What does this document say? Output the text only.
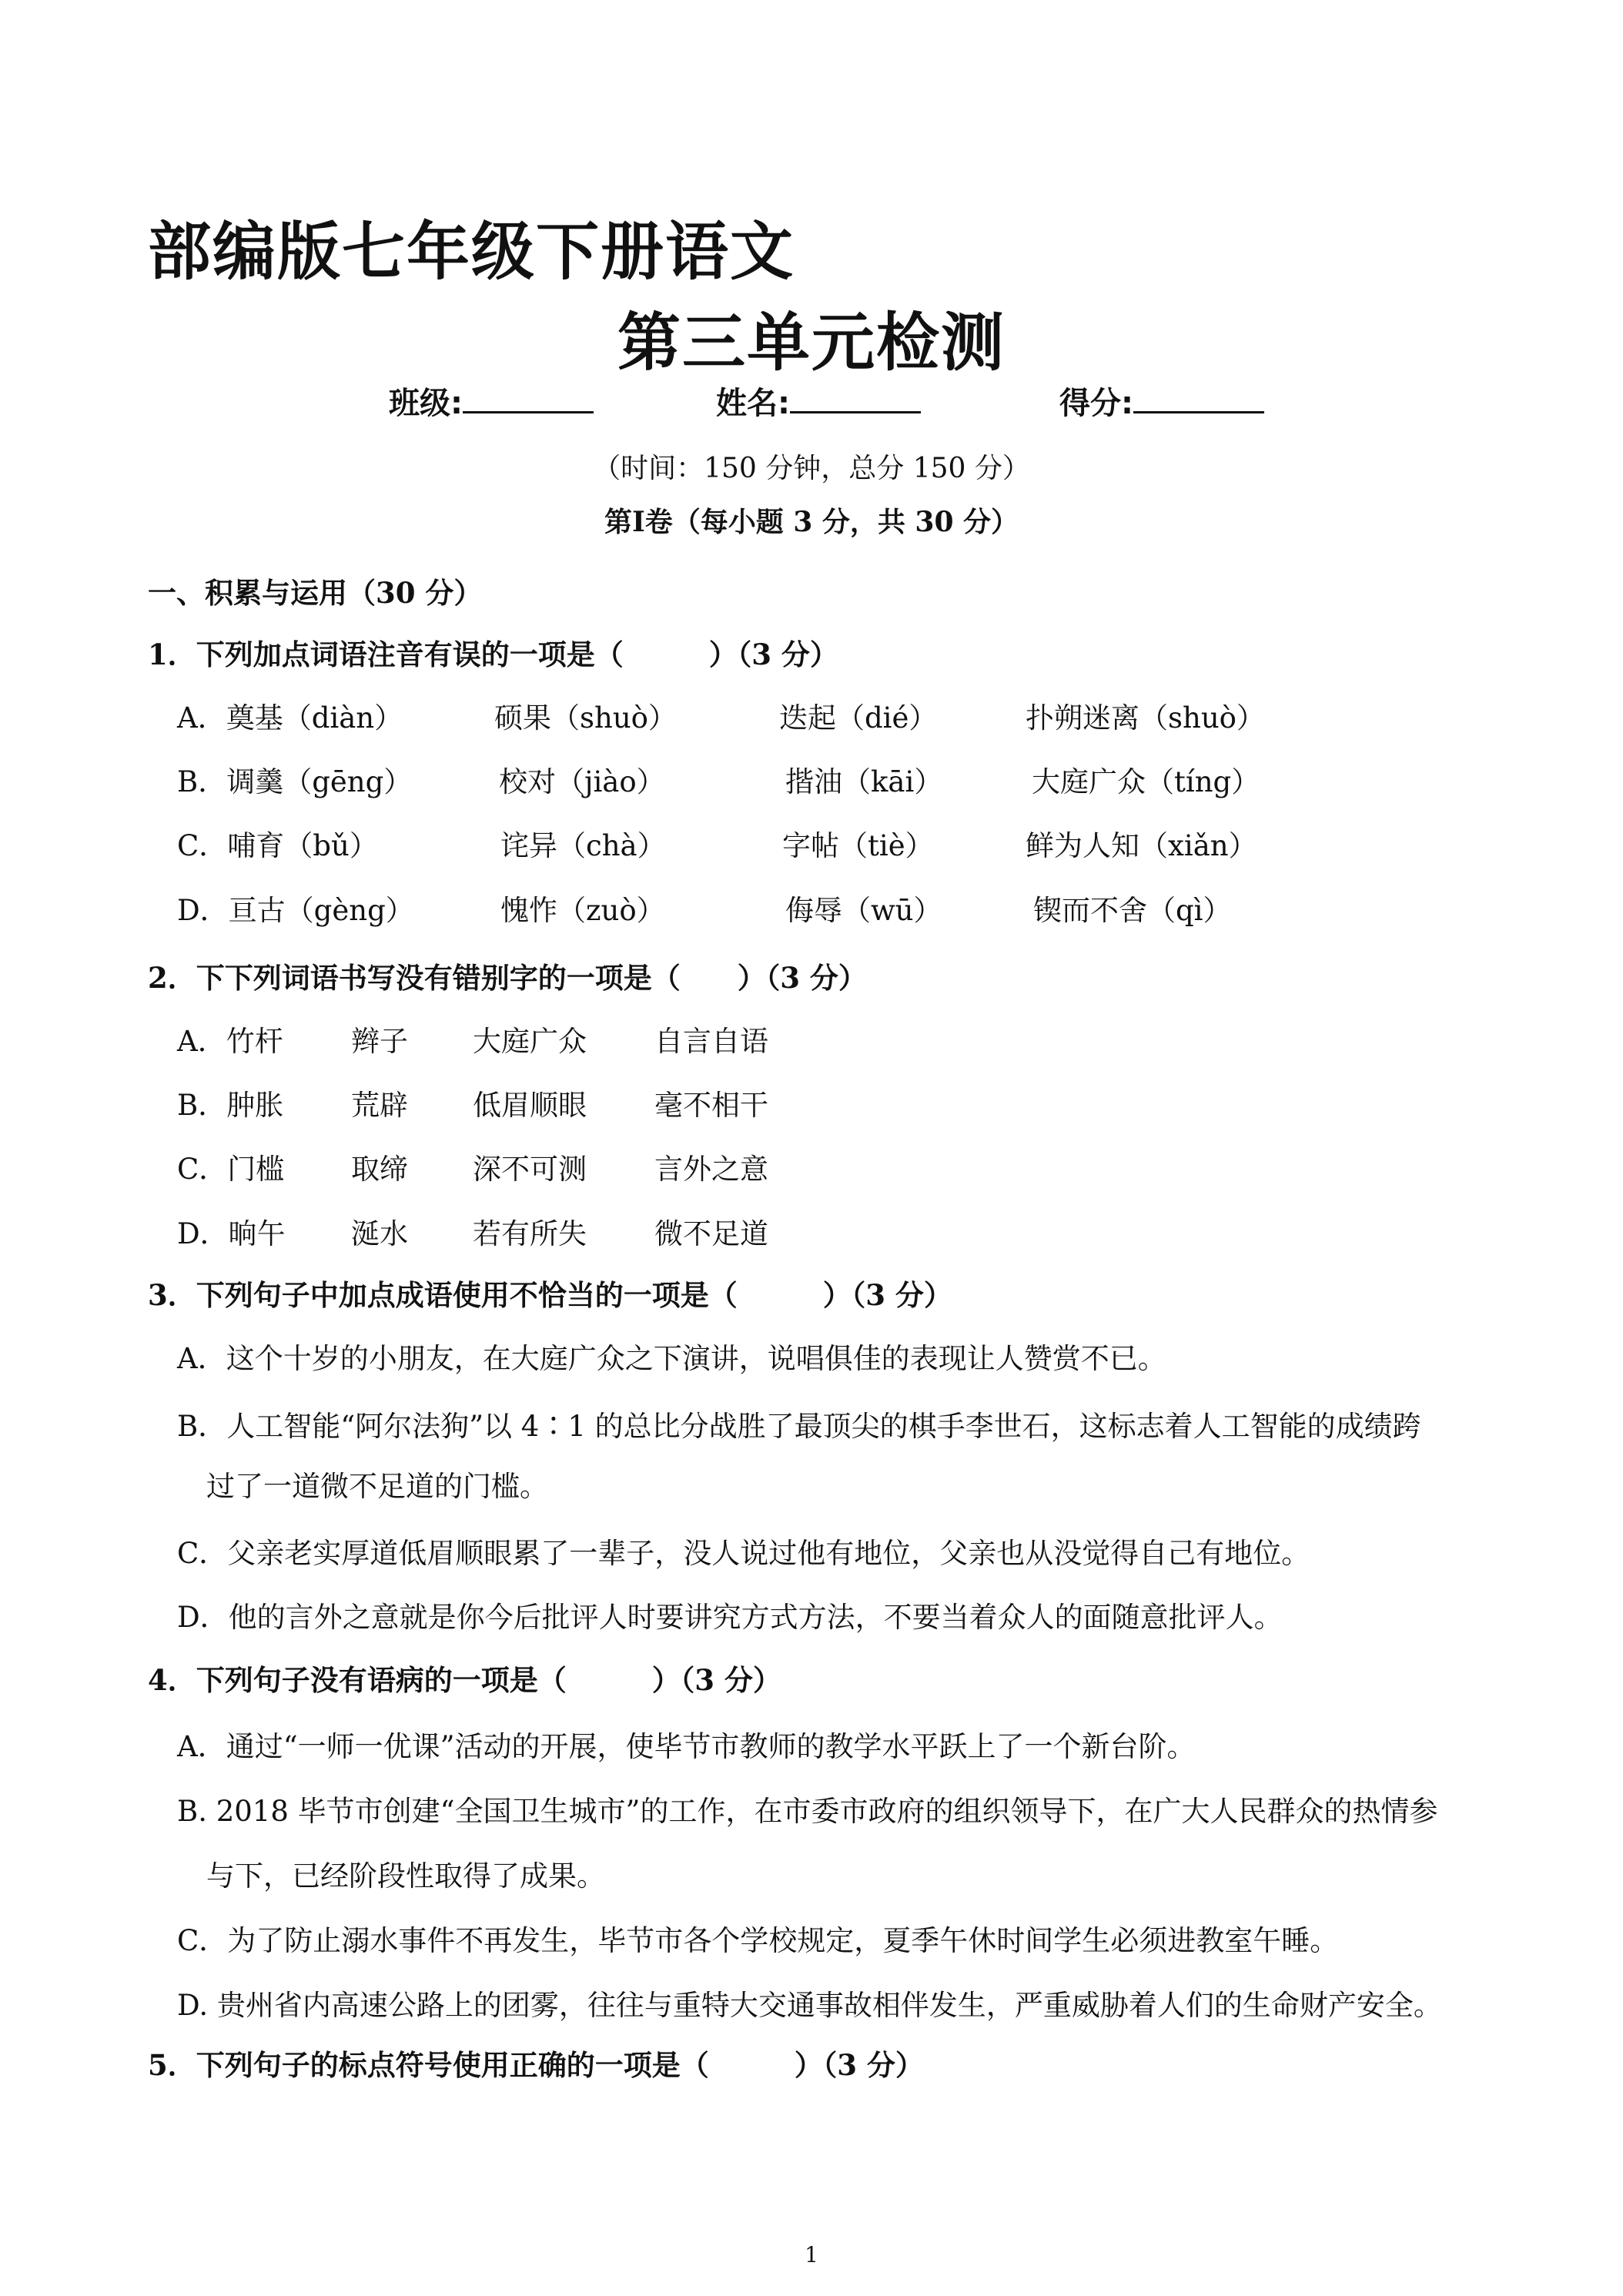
部编版七年级下册语文
第三单元检测
班级:	姓名:	得分:
（时间：150 分钟，总分 150 分）
第Ⅰ卷（每小题 3 分，共 30 分）
一、积累与运用（30 分）
1．下列加点词语注音有误的一项是（　　　）（3 分）
A．奠基（diàn）	硕果（shuò）	迭起（dié）	扑朔迷离（shuò）
B．调羹（gēng）	校对（jiào）	揩油（kāi）	大庭广众（tíng）
C．哺育（bǔ）	诧异（chà）	字帖（tiè）	鲜为人知（xiǎn）
D．亘古（gèng）	愧怍（zuò）	侮辱（wū）	锲而不舍（qì）
2．下下列词语书写没有错别字的一项是（　　）（3 分）
A．竹杆 辫子 大庭广众 自言自语
B．肿胀 荒辟 低眉顺眼 毫不相干
C．门槛 取缔 深不可测 言外之意
D．晌午 涎水 若有所失 微不足道
3．下列句子中加点成语使用不恰当的一项是（　　　）（3 分）
A．这个十岁的小朋友，在大庭广众之下演讲，说唱俱佳的表现让人赞赏不已。
B．人工智能“阿尔法狗”以 4∶1 的总比分战胜了最顶尖的棋手李世石，这标志着人工智能的成绩跨
过了一道微不足道的门槛。
C．父亲老实厚道低眉顺眼累了一辈子，没人说过他有地位，父亲也从没觉得自己有地位。
D．他的言外之意就是你今后批评人时要讲究方式方法，不要当着众人的面随意批评人。
4．下列句子没有语病的一项是（　　　）（3 分）
A．通过“一师一优课”活动的开展，使毕节市教师的教学水平跃上了一个新台阶。
B. 2018 毕节市创建“全国卫生城市”的工作，在市委市政府的组织领导下，在广大人民群众的热情参
与下，已经阶段性取得了成果。
C．为了防止溺水事件不再发生，毕节市各个学校规定，夏季午休时间学生必须进教室午睡。
D. 贵州省内高速公路上的团雾，往往与重特大交通事故相伴发生，严重威胁着人们的生命财产安全。
5．下列句子的标点符号使用正确的一项是（　　　）（3 分）
1
